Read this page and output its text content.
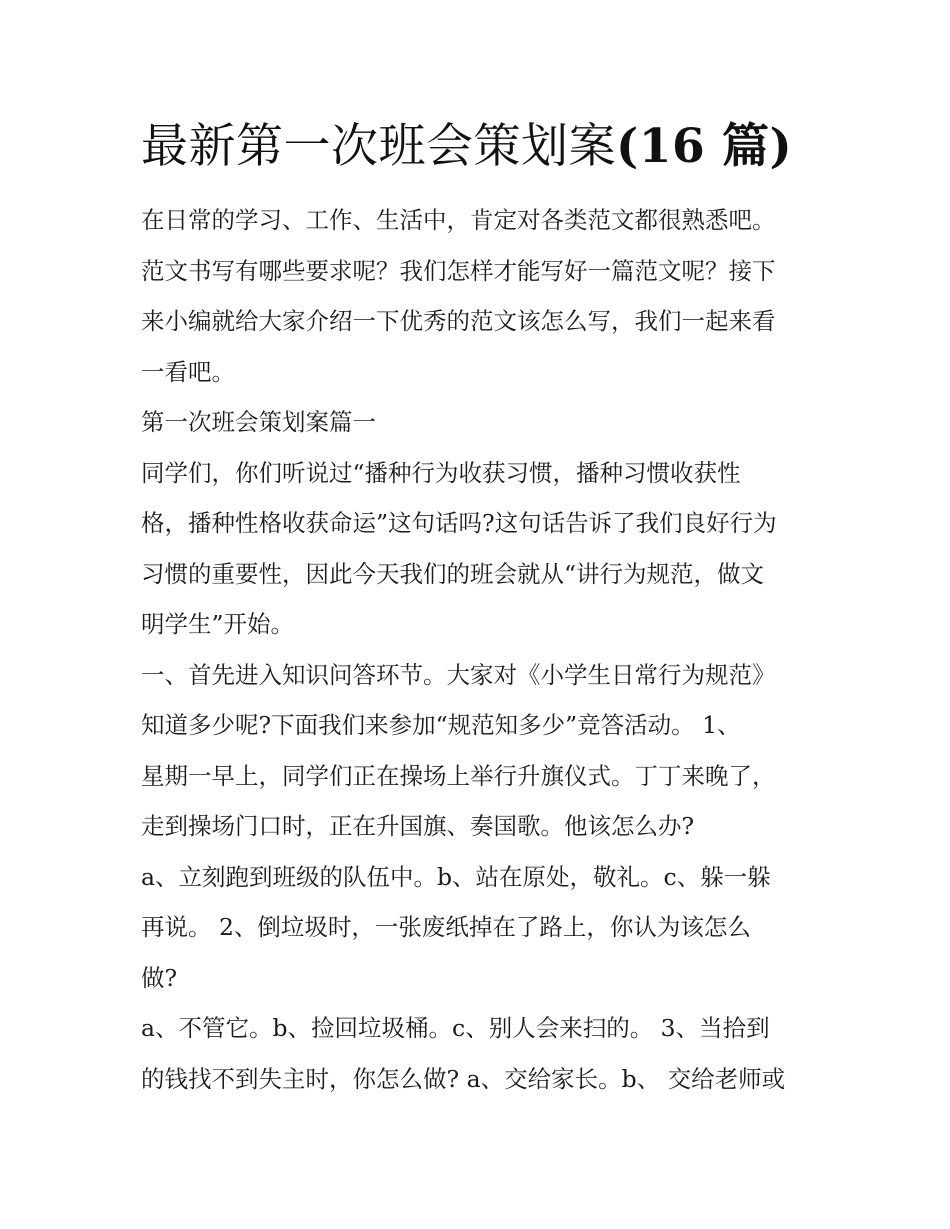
最新第一次班会策划案(16 篇)
在日常的学习、工作、生活中，肯定对各类范文都很熟悉吧。
范文书写有哪些要求呢？我们怎样才能写好一篇范文呢？接下
来小编就给大家介绍一下优秀的范文该怎么写，我们一起来看
一看吧。
第一次班会策划案篇一
同学们，你们听说过“播种行为收获习惯，播种习惯收获性
格，播种性格收获命运”这句话吗?这句话告诉了我们良好行为
习惯的重要性，因此今天我们的班会就从“讲行为规范，做文
明学生”开始。
一、首先进入知识问答环节。大家对《小学生日常行为规范》
知道多少呢?下面我们来参加“规范知多少”竞答活动。 1、
星期一早上，同学们正在操场上举行升旗仪式。丁丁来晚了，
走到操场门口时，正在升国旗、奏国歌。他该怎么办?
a、立刻跑到班级的队伍中。b、站在原处，敬礼。c、躲一躲
再说。 2、倒垃圾时，一张废纸掉在了路上，你认为该怎么
做?
a、不管它。b、捡回垃圾桶。c、别人会来扫的。 3、当拾到
的钱找不到失主时，你怎么做? a、交给家长。b、 交给老师或
